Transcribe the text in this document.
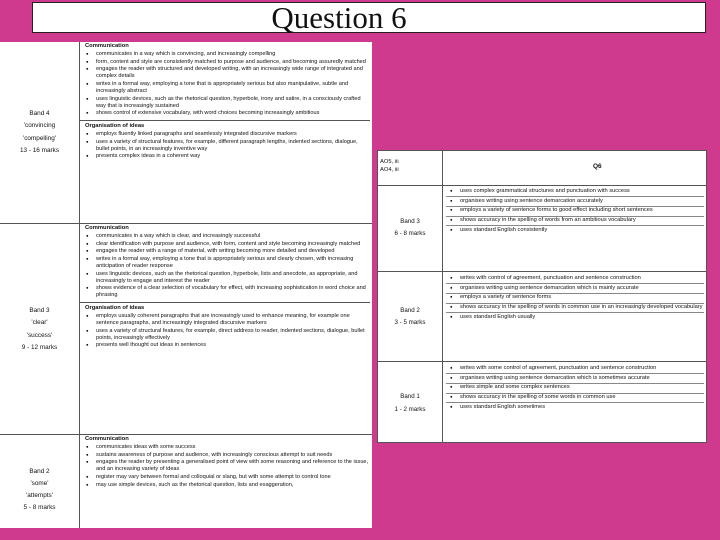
Question 6
Band 4
'convincing
'compelling'
13 - 16 marks
Communication
● communicates in a way which is convincing, and increasingly compelling
● form, content and style are consistently matched to purpose and audience, and becoming assuredly matched
● engages the reader with structured and developed writing, with an increasingly wide range of integrated and complex details
● writes in a formal way, employing a tone that is appropriately serious but also manipulative, subtle and increasingly abstract
● uses linguistic devices, such as the rhetorical question, hyperbole, irony and satire, in a consciously crafted way that is increasingly sustained
● shows control of extensive vocabulary, with word choices becoming increasingly ambitious
Organisation of ideas
● employs fluently linked paragraphs and seamlessly integrated discursive markers
● uses a variety of structural features, for example, different paragraph lengths, indented sections, dialogue, bullet points, in an increasingly inventive way
● presents complex ideas in a coherent way
Band 3
'clear'
'success'
9 - 12 marks
Communication
● communicates in a way which is clear, and increasingly successful
● clear identification with purpose and audience, with form, content and style becoming increasingly matched
● engages the reader with a range of material, with writing becoming more detailed and developed
● writes in a formal way, employing a tone that is appropriately serious and clearly chosen, with increasing anticipation of reader response
● uses linguistic devices, such as the rhetorical question, hyperbole, lists and anecdote, as appropriate, and increasingly to engage and interest the reader
● shows evidence of a clear selection of vocabulary for effect, with increasing sophistication in word choice and phrasing
Organisation of ideas
● employs usually coherent paragraphs that are increasingly used to enhance meaning, for example one sentence paragraphs, and increasingly integrated discursive markers
● uses a variety of structural features, for example, direct address to reader, indented sections, dialogue, bullet points, increasingly effectively
● presents well thought out ideas in sentences
Band 2
'some'
'attempts'
5 - 8 marks
Communication
● communicates ideas with some success
● sustains awareness of purpose and audience, with increasingly conscious attempt to suit needs
● engages the reader by presenting a generalised point of view with some reasoning and reference to the issue, and an increasing variety of ideas
● register may vary between formal and colloquial or slang, but with some attempt to control tone
● may use simple devices, such as the rhetorical question, lists and exaggeration,
AO5, iii
AO4, iii
Q6
Band 3
6 - 8 marks
● uses complex grammatical structures and punctuation with success
● organises writing using sentence demarcation accurately
● employs a variety of sentence forms to good effect including short sentences
● shows accuracy in the spelling of words from an ambitious vocabulary
● uses standard English consistently
Band 2
3 - 5 marks
● writes with control of agreement, punctuation and sentence construction
● organises writing using sentence demarcation which is mainly accurate
● employs a variety of sentence forms
● shows accuracy in the spelling of words in common use in an increasingly developed vocabulary
● uses standard English usually
Band 1
1 - 2 marks
● writes with some control of agreement, punctuation and sentence construction
● organises writing using sentence demarcation which is sometimes accurate
● writes simple and some complex sentences
● shows accuracy in the spelling of some words in common use
● uses standard English sometimes
